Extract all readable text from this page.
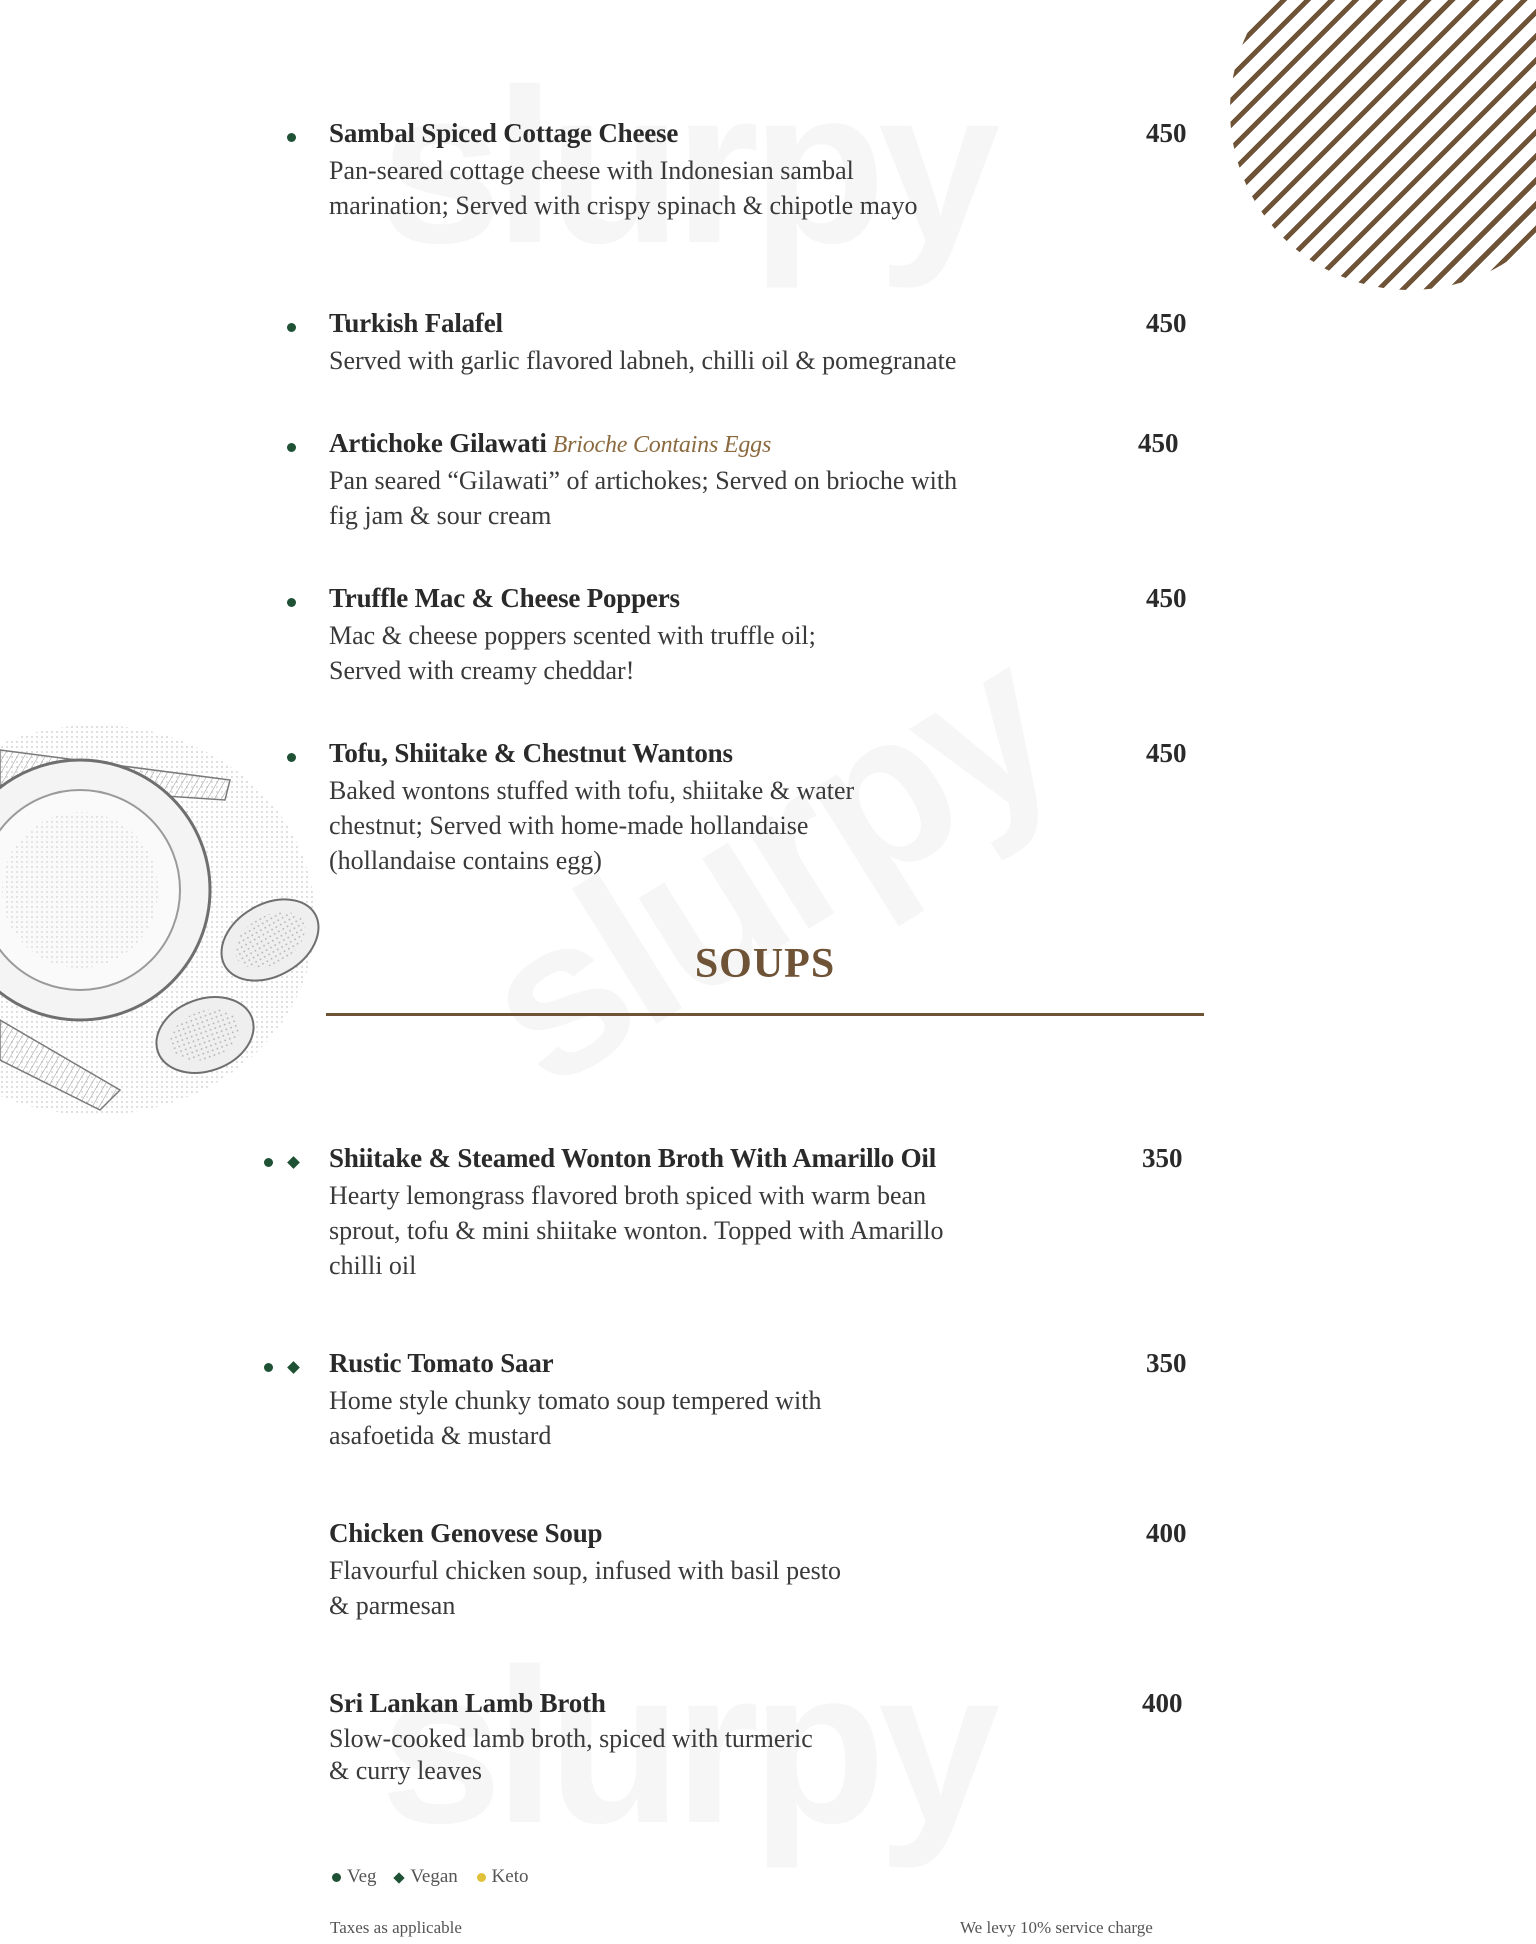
Sambal Spiced Cottage Cheese	450
Pan-seared cottage cheese with Indonesian sambal
marination; Served with crispy spinach & chipotle mayo
Turkish Falafel	450
Served with garlic flavored labneh, chilli oil & pomegranate
Artichoke Gilawati Brioche Contains Eggs	450
Pan seared “Gilawati” of artichokes; Served on brioche with
fig jam & sour cream
Truffle Mac & Cheese Poppers	450
Mac & cheese poppers scented with truffle oil;
Served with creamy cheddar!
Tofu, Shiitake & Chestnut Wantons	450
Baked wontons stuffed with tofu, shiitake & water
chestnut; Served with home-made hollandaise
(hollandaise contains egg)
SOUPS
Shiitake & Steamed Wonton Broth With Amarillo Oil	350
Hearty lemongrass flavored broth spiced with warm bean
sprout, tofu & mini shiitake wonton. Topped with Amarillo
chilli oil
Rustic Tomato Saar	350
Home style chunky tomato soup tempered with
asafoetida & mustard
Chicken Genovese Soup	400
Flavourful chicken soup, infused with basil pesto
& parmesan
Sri Lankan Lamb Broth	400
Slow-cooked lamb broth, spiced with turmeric
& curry leaves
Veg Vegan Keto
Taxes as applicable	We levy 10% service charge
